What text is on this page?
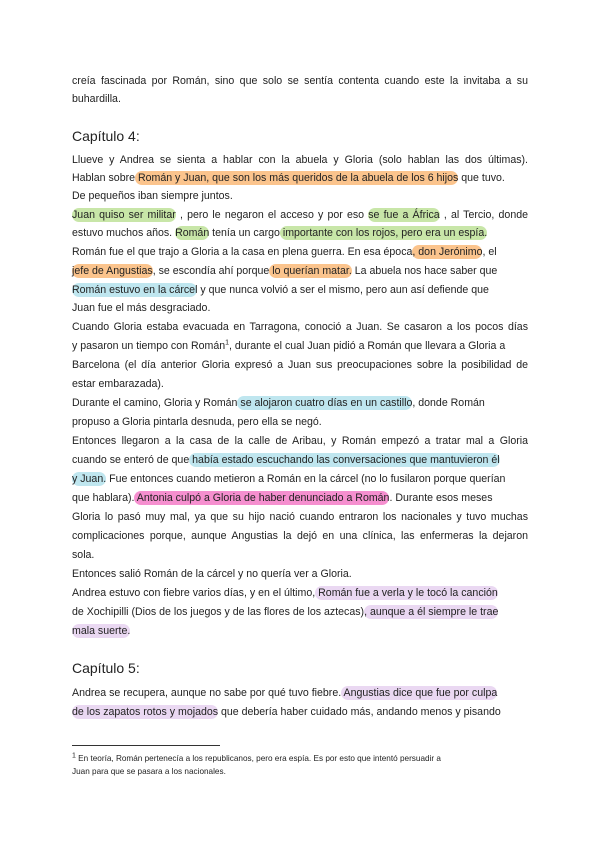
creía fascinada por Román, sino que solo se sentía contenta cuando este la invitaba a su
buhardilla.
Capítulo 4:
Llueve y Andrea se sienta a hablar con la abuela y Gloria (solo hablan las dos últimas).
Hablan sobre Román y Juan, que son los más queridos de la abuela de los 6 hijos que tuvo.
De pequeños iban siempre juntos.
Juan quiso ser militar , pero le negaron el acceso y por eso se fue a África , al Tercio, donde
estuvo muchos años. Román tenía un cargo importante con los rojos, pero era un espía.
Román fue el que trajo a Gloria a la casa en plena guerra. En esa época, don Jerónimo, el
jefe de Angustias, se escondía ahí porque lo querían matar. La abuela nos hace saber que
Román estuvo en la cárcel y que nunca volvió a ser el mismo, pero aun así defiende que
Juan fue el más desgraciado.
Cuando Gloria estaba evacuada en Tarragona, conoció a Juan. Se casaron a los pocos días
y pasaron un tiempo con Román$^1$, durante el cual Juan pidió a Román que llevara a Gloria a
Barcelona (el día anterior Gloria expresó a Juan sus preocupaciones sobre la posibilidad de
estar embarazada).
Durante el camino, Gloria y Román se alojaron cuatro días en un castillo, donde Román
propuso a Gloria pintarla desnuda, pero ella se negó.
Entonces llegaron a la casa de la calle de Aribau, y Román empezó a tratar mal a Gloria
cuando se enteró de que había estado escuchando las conversaciones que mantuvieron él
y Juan. Fue entonces cuando metieron a Román en la cárcel (no lo fusilaron porque querían
que hablara). Antonia culpó a Gloria de haber denunciado a Román. Durante esos meses
Gloria lo pasó muy mal, ya que su hijo nació cuando entraron los nacionales y tuvo muchas
complicaciones porque, aunque Angustias la dejó en una clínica, las enfermeras la dejaron
sola.
Entonces salió Román de la cárcel y no quería ver a Gloria.
Andrea estuvo con fiebre varios días, y en el último, Román fue a verla y le tocó la canción
de Xochipilli (Dios de los juegos y de las flores de los aztecas), aunque a él siempre le trae
mala suerte.
Capítulo 5:
Andrea se recupera, aunque no sabe por qué tuvo fiebre. Angustias dice que fue por culpa
de los zapatos rotos y mojados que debería haber cuidado más, andando menos y pisando
$^1$ En teoría, Román pertenecía a los republicanos, pero era espía. Es por esto que intentó persuadir a
Juan para que se pasara a los nacionales.
